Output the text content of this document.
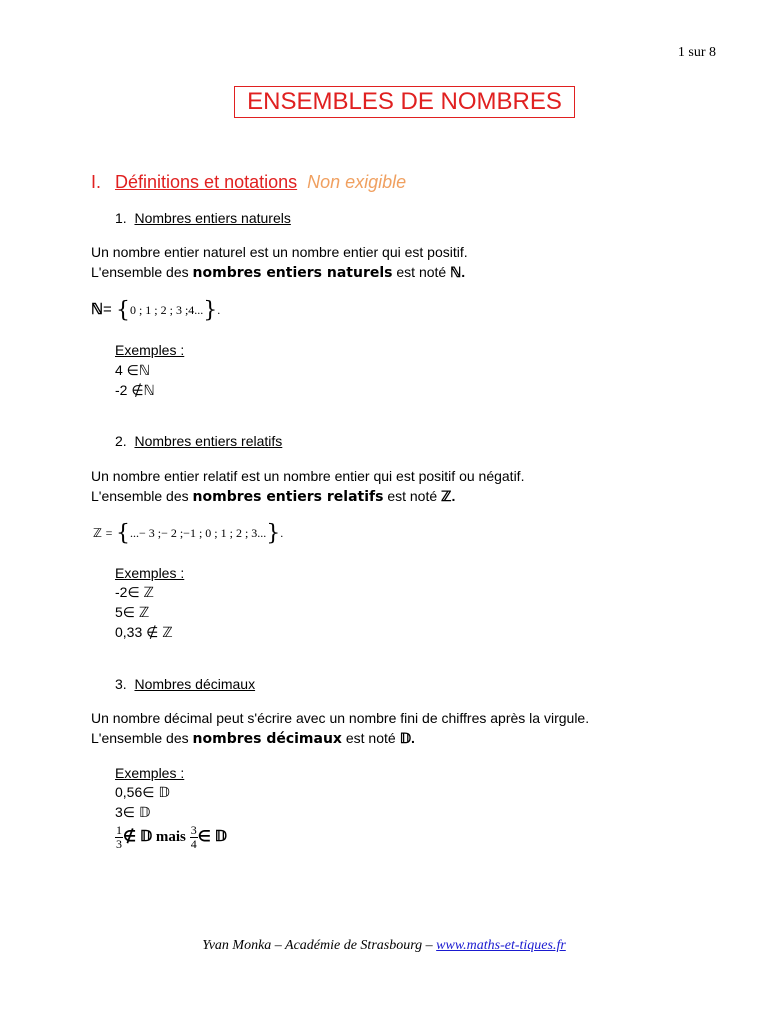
1 sur 8
ENSEMBLES DE NOMBRES
I. Définitions et notations Non exigible
1. Nombres entiers naturels
Un nombre entier naturel est un nombre entier qui est positif.
L'ensemble des nombres entiers naturels est noté ℕ.
ℕ= {0 ; 1 ; 2 ; 3 ;4...}.
Exemples :
4 ∈ℕ
-2 ∉ℕ
2. Nombres entiers relatifs
Un nombre entier relatif est un nombre entier qui est positif ou négatif.
L'ensemble des nombres entiers relatifs est noté ℤ.
ℤ = {...− 3 ;− 2 ;−1 ; 0 ; 1 ; 2 ; 3...}.
Exemples :
-2∈ ℤ
5∈ ℤ
0,33 ∉ ℤ
3. Nombres décimaux
Un nombre décimal peut s'écrire avec un nombre fini de chiffres après la virgule.
L'ensemble des nombres décimaux est noté 𝔻.
Exemples :
0,56∈ 𝔻
3∈ 𝔻
$\frac{1}{3}$ ∉ 𝔻 mais $\frac{3}{4}$ ∈ 𝔻
Yvan Monka – Académie de Strasbourg – www.maths-et-tiques.fr
